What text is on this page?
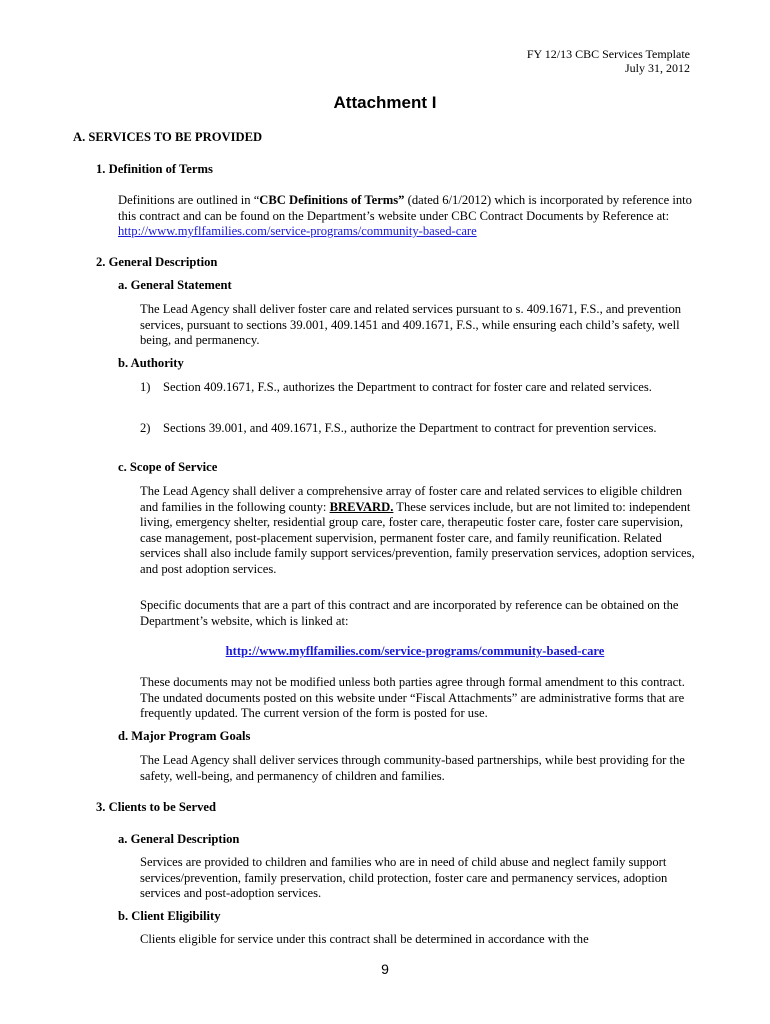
FY 12/13 CBC Services Template
July 31, 2012
Attachment I
A. SERVICES TO BE PROVIDED
1. Definition of Terms

Definitions are outlined in “CBC Definitions of Terms” (dated 6/1/2012) which is incorporated by reference into this contract and can be found on the Department’s website under CBC Contract Documents by Reference at: http://www.myflfamilies.com/service-programs/community-based-care

2. General Description
a. General Statement

The Lead Agency shall deliver foster care and related services pursuant to s. 409.1671, F.S., and prevention services, pursuant to sections 39.001, 409.1451 and 409.1671, F.S., while ensuring each child’s safety, well being, and permanency.

b. Authority
1) Section 409.1671, F.S., authorizes the Department to contract for foster care and related services.
2) Sections 39.001, and 409.1671, F.S., authorize the Department to contract for prevention services.
c. Scope of Service

The Lead Agency shall deliver a comprehensive array of foster care and related services to eligible children and families in the following county: BREVARD. These services include, but are not limited to: independent living, emergency shelter, residential group care, foster care, therapeutic foster care, foster care supervision, case management, post-placement supervision, permanent foster care, and family reunification. Related services shall also include family support services/prevention, family preservation services, adoption services, and post adoption services.

Specific documents that are a part of this contract and are incorporated by reference can be obtained on the Department’s website, which is linked at:

http://www.myflfamilies.com/service-programs/community-based-care

These documents may not be modified unless both parties agree through formal amendment to this contract. The undated documents posted on this website under “Fiscal Attachments” are administrative forms that are frequently updated. The current version of the form is posted for use.

d. Major Program Goals

The Lead Agency shall deliver services through community-based partnerships, while best providing for the safety, well-being, and permanency of children and families.

3. Clients to be Served
a. General Description

Services are provided to children and families who are in need of child abuse and neglect family support services/prevention, family preservation, child protection, foster care and permanency services, adoption services and post-adoption services.

b. Client Eligibility

Clients eligible for service under this contract shall be determined in accordance with the

9
